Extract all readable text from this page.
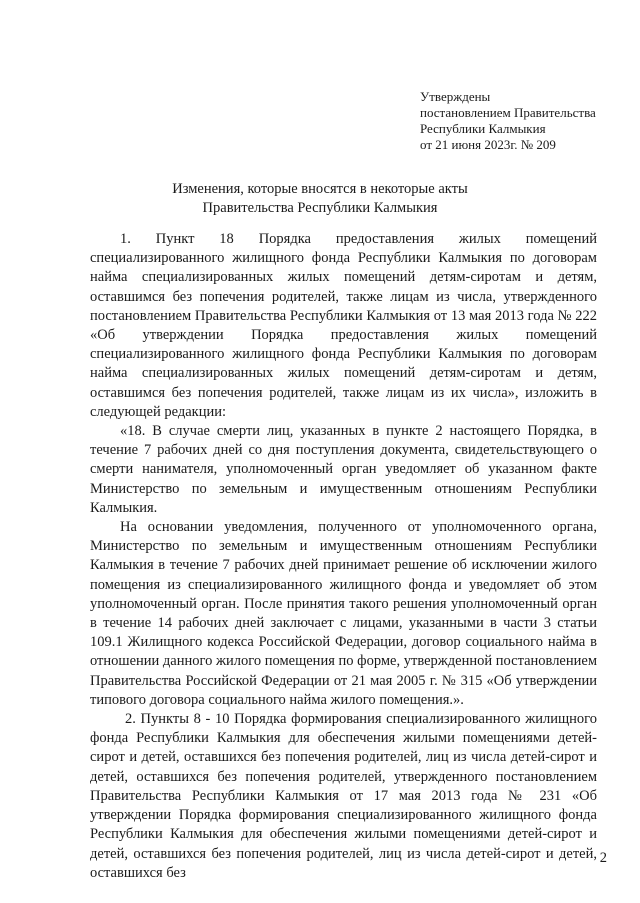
Утверждены
постановлением Правительства
Республики Калмыкия
от 21 июня 2023г. № 209
Изменения, которые вносятся в некоторые акты
Правительства Республики Калмыкия

1. Пункт 18 Порядка предоставления жилых помещений специализированного жилищного фонда Республики Калмыкия по договорам найма специализированных жилых помещений детям-сиротам и детям, оставшимся без попечения родителей, также лицам из числа, утвержденного постановлением Правительства Республики Калмыкия от 13 мая 2013 года № 222 «Об утверждении Порядка предоставления жилых помещений специализированного жилищного фонда Республики Калмыкия по договорам найма специализированных жилых помещений детям-сиротам и детям, оставшимся без попечения родителей, также лицам из их числа», изложить в следующей редакции:

«18. В случае смерти лиц, указанных в пункте 2 настоящего Порядка, в течение 7 рабочих дней со дня поступления документа, свидетельствующего о смерти нанимателя, уполномоченный орган уведомляет об указанном факте Министерство по земельным и имущественным отношениям Республики Калмыкия.

На основании уведомления, полученного от уполномоченного органа, Министерство по земельным и имущественным отношениям Республики Калмыкия в течение 7 рабочих дней принимает решение об исключении жилого помещения из специализированного жилищного фонда и уведомляет об этом уполномоченный орган. После принятия такого решения уполномоченный орган в течение 14 рабочих дней заключает с лицами, указанными в части 3 статьи 109.1 Жилищного кодекса Российской Федерации, договор социального найма в отношении данного жилого помещения по форме, утвержденной постановлением Правительства Российской Федерации от 21 мая 2005 г. № 315 «Об утверждении типового договора социального найма жилого помещения.».

2. Пункты 8 - 10 Порядка формирования специализированного жилищного фонда Республики Калмыкия для обеспечения жилыми помещениями детей-сирот и детей, оставшихся без попечения родителей, лиц из числа детей-сирот и детей, оставшихся без попечения родителей, утвержденного постановлением Правительства Республики Калмыкия от 17 мая 2013 года № 231 «Об утверждении Порядка формирования специализированного жилищного фонда Республики Калмыкия для обеспечения жилыми помещениями детей-сирот и детей, оставшихся без попечения родителей, лиц из числа детей-сирот и детей, оставшихся без

2
